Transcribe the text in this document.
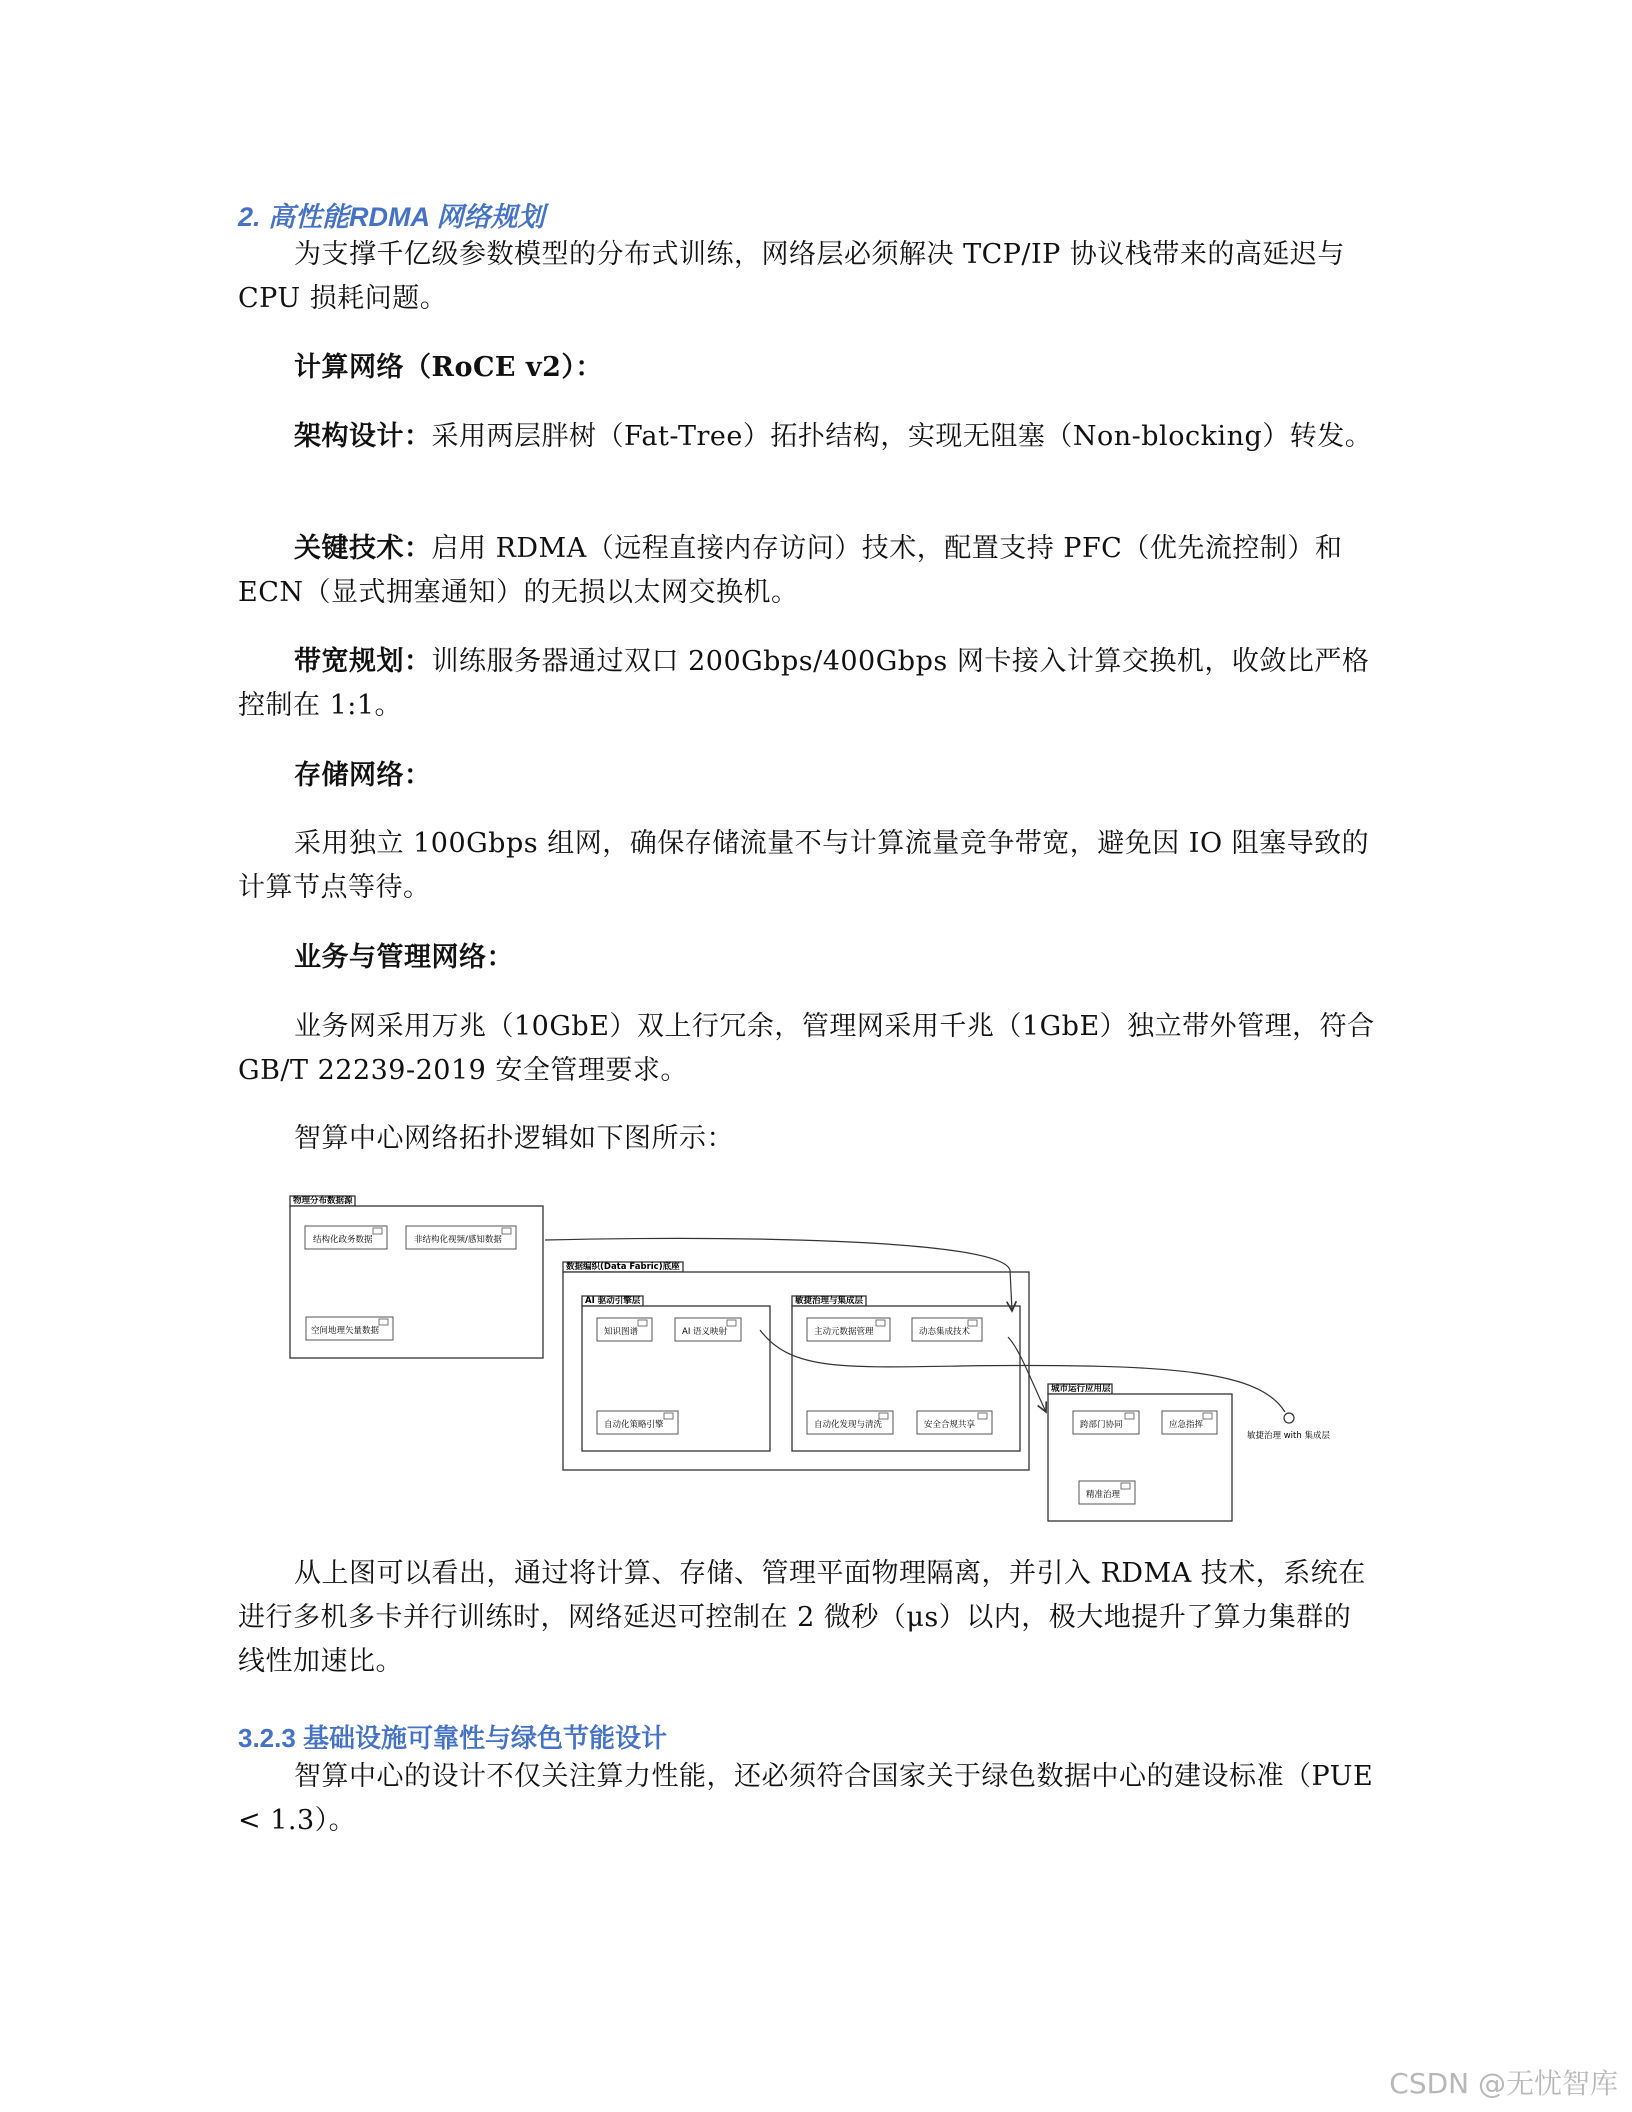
2. 高性能RDMA 网络规划

为支撑千亿级参数模型的分布式训练，网络层必须解决 TCP/IP 协议栈带来的高延迟与 CPU 损耗问题。

计算网络（RoCE v2）：

架构设计：采用两层胖树（Fat-Tree）拓扑结构，实现无阻塞（Non-blocking）转发。

关键技术：启用 RDMA（远程直接内存访问）技术，配置支持 PFC（优先流控制）和 ECN（显式拥塞通知）的无损以太网交换机。

带宽规划：训练服务器通过双口 200Gbps/400Gbps 网卡接入计算交换机，收敛比严格控制在 1:1。

存储网络：

采用独立 100Gbps 组网，确保存储流量不与计算流量竞争带宽，避免因 IO 阻塞导致的计算节点等待。

业务与管理网络：

业务网采用万兆（10GbE）双上行冗余，管理网采用千兆（1GbE）独立带外管理，符合 GB/T 22239-2019 安全管理要求。

智算中心网络拓扑逻辑如下图所示：

物理分布数据源
结构化政务数据	非结构化视频/感知数据
空间地理矢量数据
数据编织(Data Fabric)底座
AI 驱动引擎层
知识图谱	AI 语义映射
自动化策略引擎
敏捷治理与集成层
主动元数据管理	动态集成技术
自动化发现与清洗	安全合规共享
城市运行应用层
跨部门协同	应急指挥
精准治理
敏捷治理 with 集成层

从上图可以看出，通过将计算、存储、管理平面物理隔离，并引入 RDMA 技术，系统在进行多机多卡并行训练时，网络延迟可控制在 2 微秒（μs）以内，极大地提升了算力集群的线性加速比。

3.2.3 基础设施可靠性与绿色节能设计

智算中心的设计不仅关注算力性能，还必须符合国家关于绿色数据中心的建设标准（PUE < 1.3）。

CSDN @无忧智库
